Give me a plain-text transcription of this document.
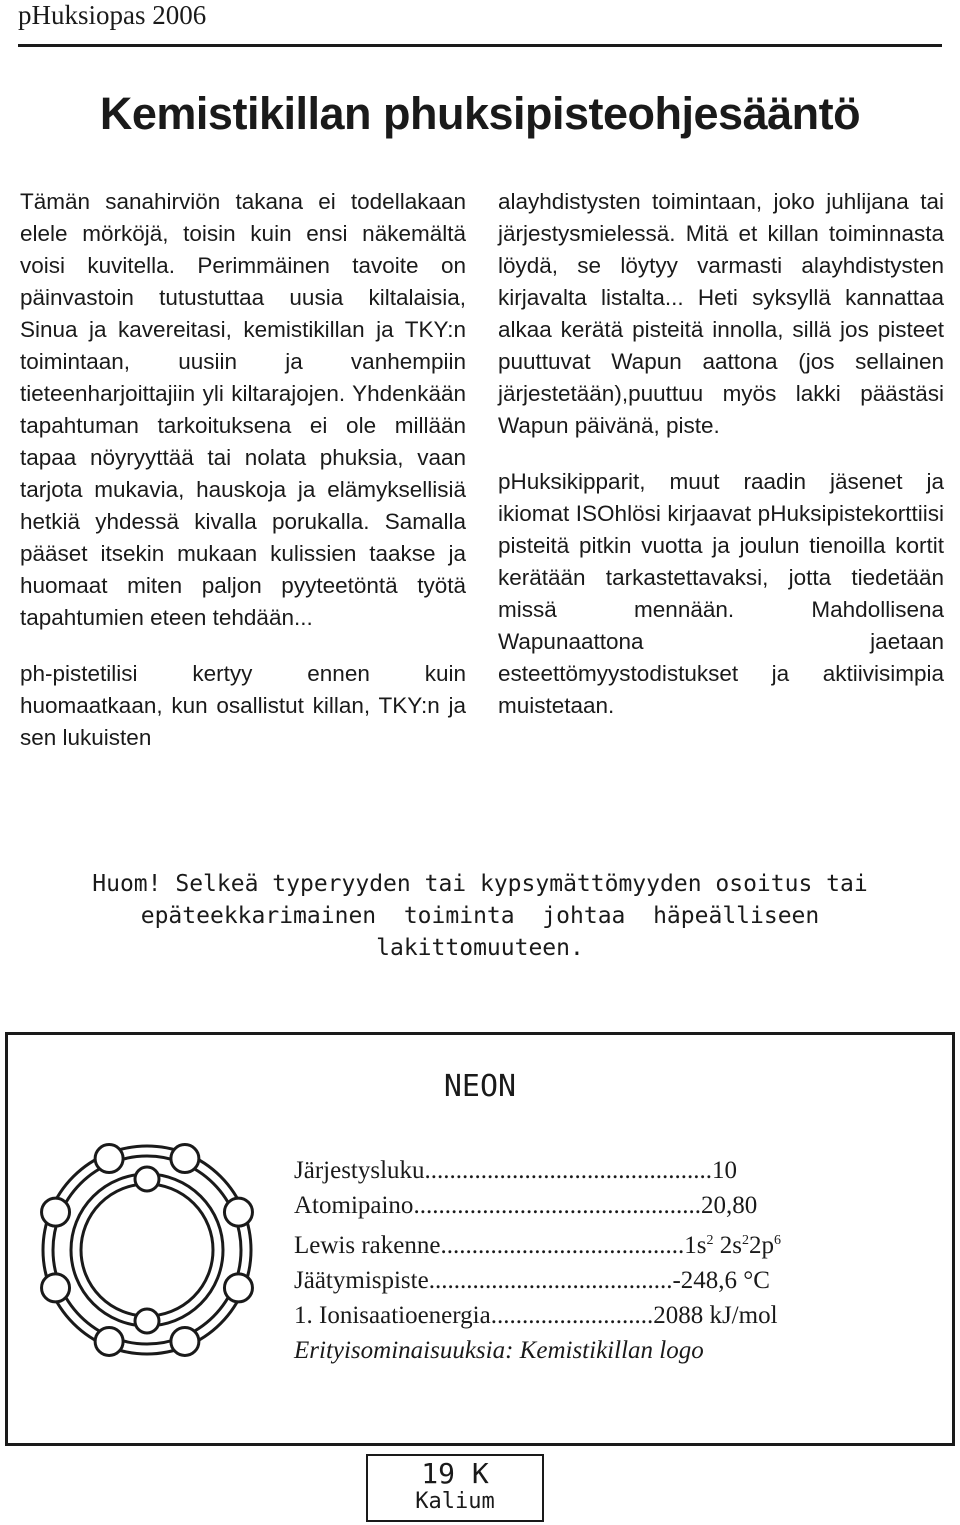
pHuksiopas 2006
Kemistikillan phuksipisteohjesääntö

Tämän sanahirviön takana ei todellakaan elele mörköjä, toisin kuin ensi näkemältä voisi kuvitella. Perimmäinen tavoite on päinvastoin tutustuttaa uusia kiltalaisia, Sinua ja kavereitasi, kemistikillan ja TKY:n toimintaan, uusiin ja vanhempiin tieteenharjoittajiin yli kiltarajojen. Yhdenkään tapahtuman tarkoituksena ei ole millään tapaa nöyryyttää tai nolata phuksia, vaan tarjota mukavia, hauskoja ja elämyksellisiä hetkiä yhdessä kivalla porukalla. Samalla pääset itsekin mukaan kulissien taakse ja huomaat miten paljon pyyteetöntä työtä tapahtumien eteen tehdään...

ph-pistetilisi kertyy ennen kuin huomaatkaan, kun osallistut killan, TKY:n ja sen lukuisten

alayhdistysten toimintaan, joko juhlijana tai järjestysmielessä. Mitä et killan toiminnasta löydä, se löytyy varmasti alayhdistysten kirjavalta listalta... Heti syksyllä kannattaa alkaa kerätä pisteitä innolla, sillä jos pisteet puuttuvat Wapun aattona (jos sellainen järjestetään),puuttuu myös lakki päästäsi Wapun päivänä, piste.

pHuksikipparit, muut raadin jäsenet ja ikiomat ISOhlösi kirjaavat pHuksipistekorttiisi pisteitä pitkin vuotta ja joulun tienoilla kortit kerätään tarkastettavaksi, jotta tiedetään missä mennään. Mahdollisena Wapunaattona jaetaan esteettömyystodistukset ja aktiivisimpia muistetaan.

Huom! Selkeä typeryyden tai kypsymättömyyden osoitus tai
epäteekkarimainen  toiminta  johtaa  häpeälliseen
lakittomuuteen.
NEON
Järjestysluku..............................................10
Atomipaino..............................................20,80
Lewis $rakenne.......................................1s^2$ $2s^22p^6$
Jäätymispiste.......................................-248,6 °C
1. Ionisaatioenergia..........................2088 kJ/mol
Erityisominaisuuksia: Kemistikillan logo
19 K
Kalium
